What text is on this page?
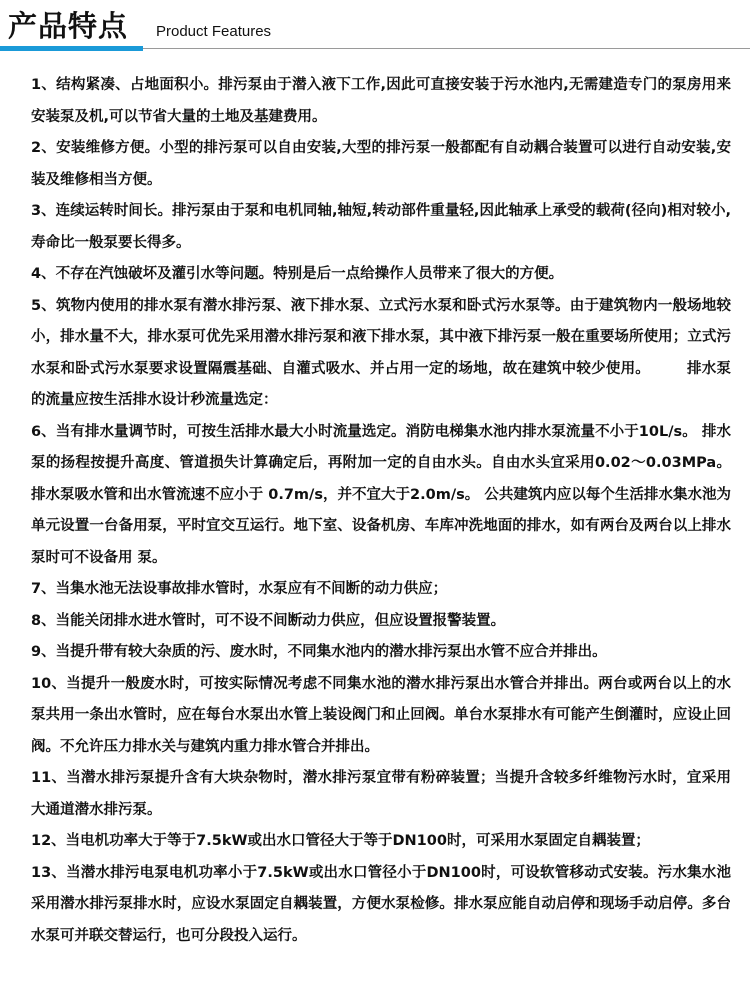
产品特点 Product Features

1、结构紧凑、占地面积小。排污泵由于潜入液下工作,因此可直接安装于污水池内,无需建造专门的泵房用来安装泵及机,可以节省大量的土地及基建费用。

2、安装维修方便。小型的排污泵可以自由安装,大型的排污泵一般都配有自动耦合装置可以进行自动安装,安装及维修相当方便。

3、连续运转时间长。排污泵由于泵和电机同轴,轴短,转动部件重量轻,因此轴承上承受的载荷(径向)相对较小,寿命比一般泵要长得多。

4、不存在汽蚀破坏及灌引水等问题。特别是后一点给操作人员带来了很大的方便。

5、筑物内使用的排水泵有潜水排污泵、液下排水泵、立式污水泵和卧式污水泵等。由于建筑物内一般场地较小，排水量不大，排水泵可优先采用潜水排污泵和液下排水泵，其中液下排污泵一般在重要场所使用；立式污水泵和卧式污水泵要求设置隔震基础、自灌式吸水、并占用一定的场地，故在建筑中较少使用。　　　排水泵的流量应按生活排水设计秒流量选定：

6、当有排水量调节时，可按生活排水最大小时流量选定。消防电梯集水池内排水泵流量不小于10L/s。 排水泵的扬程按提升高度、管道损失计算确定后，再附加一定的自由水头。自由水头宜采用0.02～0.03MPa。排水泵吸水管和出水管流速不应小于 0.7m/s，并不宜大于2.0m/s。 公共建筑内应以每个生活排水集水池为单元设置一台备用泵，平时宜交互运行。地下室、设备机房、车库冲洗地面的排水，如有两台及两台以上排水泵时可不设备用 泵。

7、当集水池无法设事故排水管时，水泵应有不间断的动力供应；

8、当能关闭排水进水管时，可不设不间断动力供应，但应设置报警装置。

9、当提升带有较大杂质的污、废水时，不同集水池内的潜水排污泵出水管不应合并排出。

10、当提升一般废水时，可按实际情况考虑不同集水池的潜水排污泵出水管合并排出。两台或两台以上的水泵共用一条出水管时，应在每台水泵出水管上装设阀门和止回阀。单台水泵排水有可能产生倒灌时，应设止回阀。不允许压力排水关与建筑内重力排水管合并排出。

11、当潜水排污泵提升含有大块杂物时，潜水排污泵宜带有粉碎装置；当提升含较多纤维物污水时，宜采用大通道潜水排污泵。

12、当电机功率大于等于7.5kW或出水口管径大于等于DN100时，可采用水泵固定自耦装置；

13、当潜水排污电泵电机功率小于7.5kW或出水口管径小于DN100时，可设软管移动式安装。污水集水池采用潜水排污泵排水时，应设水泵固定自耦装置，方便水泵检修。排水泵应能自动启停和现场手动启停。多台水泵可并联交替运行，也可分段投入运行。
